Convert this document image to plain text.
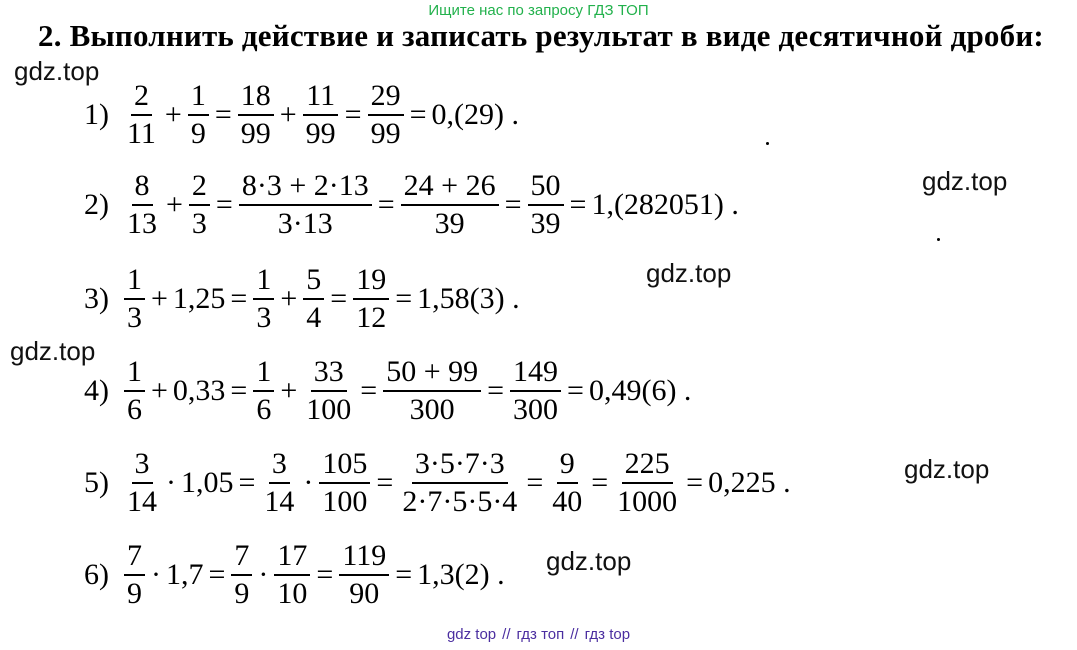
Ищите нас по запросу ГДЗ ТОП
2. Выполнить действие и записать результат в виде десятичной дроби:
gdz.top
gdz.top
gdz.top
gdz.top
gdz.top
gdz.top
$1) \frac{2}{11} + \frac{1}{9} = \frac{18}{99} + \frac{11}{99} = \frac{29}{99} = 0,(29)$ .
$2) \frac{8}{13} + \frac{2}{3} = \frac{8\cdot 3 + 2\cdot 13}{3\cdot 13} = \frac{24 + 26}{39} = \frac{50}{39} = 1,(282051)$ .
$3) \frac{1}{3} + 1,25 = \frac{1}{3} + \frac{5}{4} = \frac{19}{12} = 1,58(3)$ .
$4) \frac{1}{6} + 0,33 = \frac{1}{6} + \frac{33}{100} = \frac{50 + 99}{300} = \frac{149}{300} = 0,49(6)$ .
$5) \frac{3}{14} \cdot 1,05 = \frac{3}{14} \cdot \frac{105}{100} = \frac{3\cdot 5\cdot 7\cdot 3}{2\cdot 7\cdot 5\cdot 5\cdot 4} = \frac{9}{40} = \frac{225}{1000} = 0,225$ .
$6) \frac{7}{9} \cdot 1,7 = \frac{7}{9} \cdot \frac{17}{10} = \frac{119}{90} = 1,3(2)$ .
gdz top // гдз топ // гдз top
